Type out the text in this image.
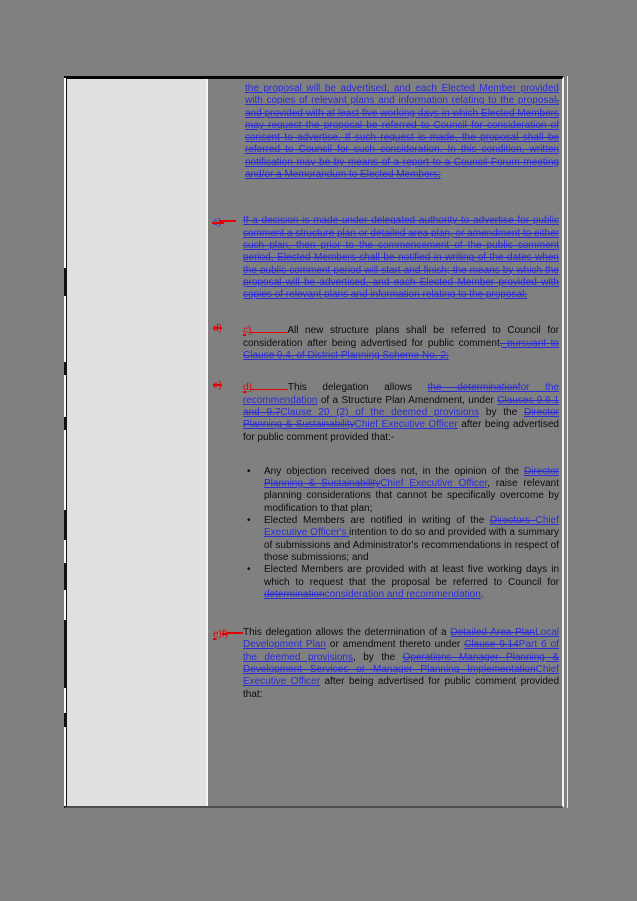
the proposal will be advertised, and each Elected Member provided with copies of relevant plans and information relating to the proposal, and provided with at least five working days in which Elected Members may request the proposal be referred to Council for consideration of consent to advertise. If such request is made, the proposal shall be referred to Council for such consideration. In this condition, written notification may be by means of a report to a Council Forum meeting and/or a Memorandum to Elected Members;

c)	If a decision is made under delegated authority to advertise for public comment a structure plan or detailed area plan, or amendment to either such plan, then prior to the commencement of the public comment period, Elected Members shall be notified in writing of the dates when the public comment period will start and finish; the means by which the proposal will be advertised, and each Elected Member provided with copies of relevant plans and information relating to the proposal;
d) c)	All new structure plans shall be referred to Council for consideration after being advertised for public comment, pursuant to Clause 9.4. of District Planning Scheme No. 2;
e) d)	This delegation allows the determinationfor the recommendation of a Structure Plan Amendment, under Clauses 9.6.1 and 9.7Clause 20 (2) of the deemed provisions by the Director Planning & SustainabilityChief Executive Officer after being advertised for public comment provided that:-
• Any objection received does not, in the opinion of the Director Planning & SustainabilityChief Executive Officer, raise relevant planning considerations that cannot be specifically overcome by modification to that plan;
• Elected Members are notified in writing of the Directors Chief Executive Officer's intention to do so and provided with a summary of submissions and Administrator's recommendations in respect of those submissions; and
• Elected Members are provided with at least five working days in which to request that the proposal be referred to Council for determinationconsideration and recommendation.
e)f)	This delegation allows the determination of a Detailed Area PlanLocal Development Plan or amendment thereto under Clause 9.14Part 6 of the deemed provisions, by the Operations Manager Planning & Development Services or Manager Planning ImplementationChief Executive Officer after being advertised for public comment provided that:
